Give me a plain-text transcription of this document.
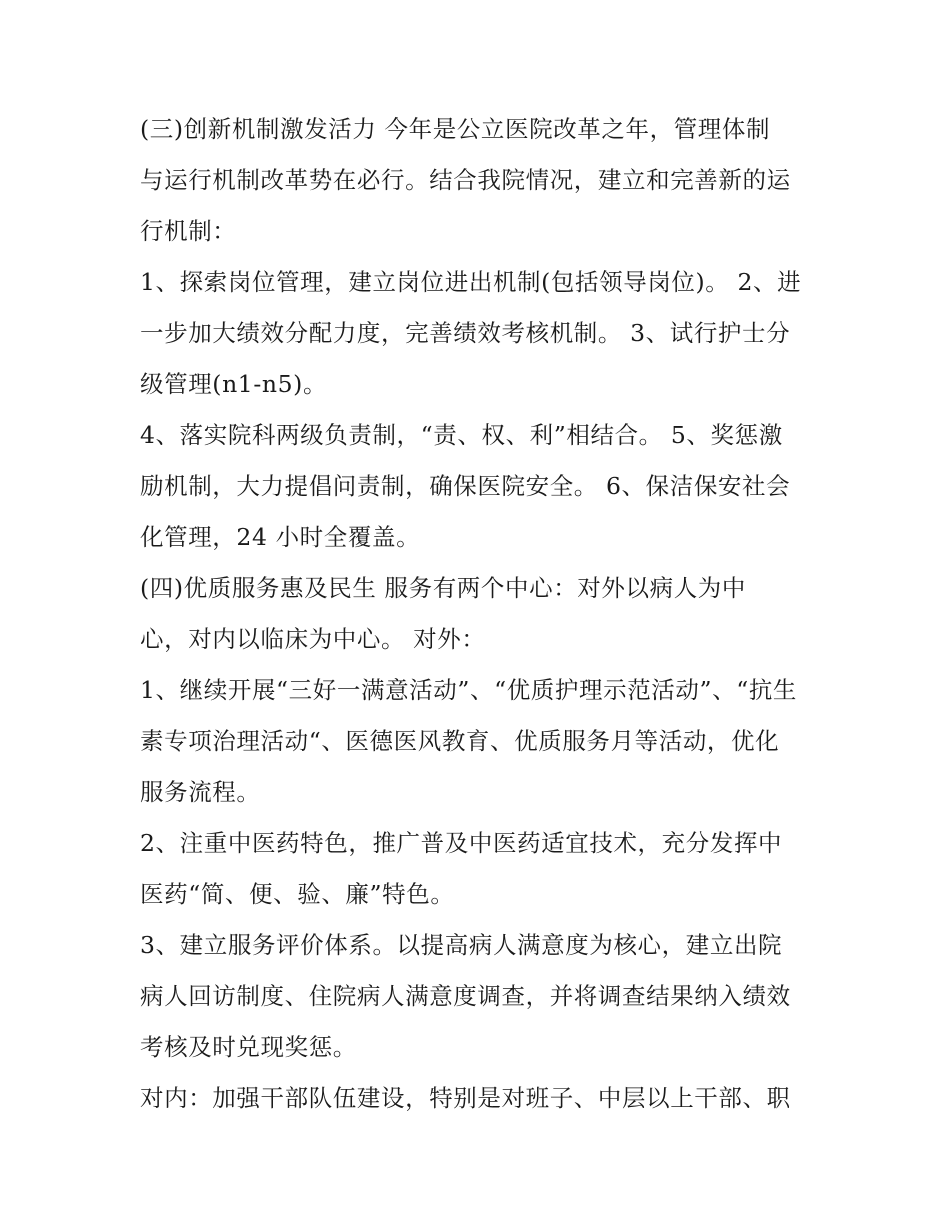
(三)创新机制激发活力 今年是公立医院改革之年，管理体制
与运行机制改革势在必行。结合我院情况，建立和完善新的运
行机制：
1、探索岗位管理，建立岗位进出机制(包括领导岗位)。 2、进
一步加大绩效分配力度，完善绩效考核机制。 3、试行护士分
级管理(n1-n5)。
4、落实院科两级负责制，“责、权、利”相结合。 5、奖惩激
励机制，大力提倡问责制，确保医院安全。 6、保洁保安社会
化管理，24 小时全覆盖。
(四)优质服务惠及民生 服务有两个中心：对外以病人为中
心，对内以临床为中心。 对外：
1、继续开展“三好一满意活动”、“优质护理示范活动”、“抗生
素专项治理活动“、医德医风教育、优质服务月等活动，优化
服务流程。
2、注重中医药特色，推广普及中医药适宜技术，充分发挥中
医药“简、便、验、廉”特色。
3、建立服务评价体系。以提高病人满意度为核心，建立出院
病人回访制度、住院病人满意度调查，并将调查结果纳入绩效
考核及时兑现奖惩。
对内：加强干部队伍建设，特别是对班子、中层以上干部、职
